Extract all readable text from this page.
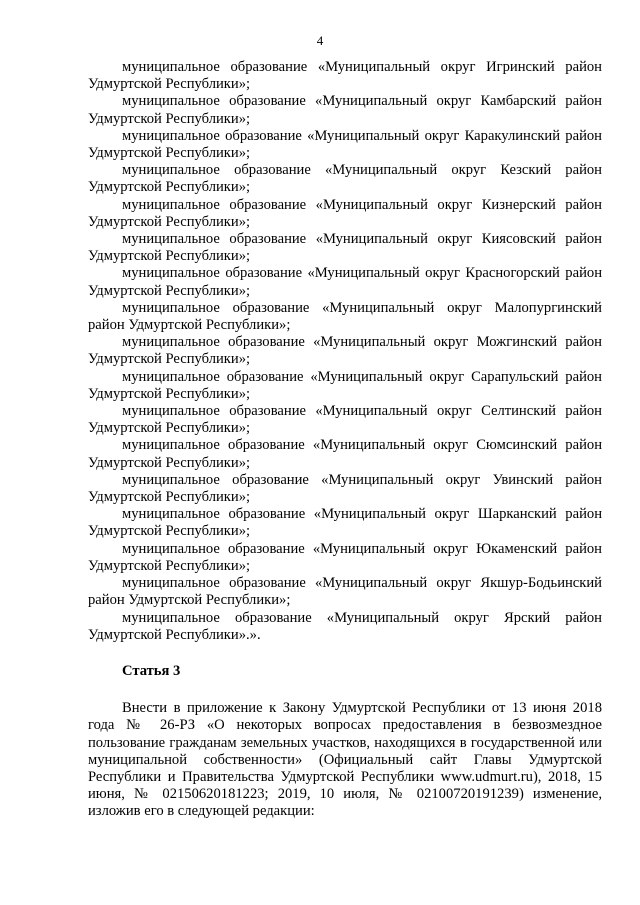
4

муниципальное образование «Муниципальный округ Игринский район Удмуртской Республики»;

муниципальное образование «Муниципальный округ Камбарский район Удмуртской Республики»;

муниципальное образование «Муниципальный округ Каракулинский район Удмуртской Республики»;

муниципальное образование «Муниципальный округ Кезский район Удмуртской Республики»;

муниципальное образование «Муниципальный округ Кизнерский район Удмуртской Республики»;

муниципальное образование «Муниципальный округ Киясовский район Удмуртской Республики»;

муниципальное образование «Муниципальный округ Красногорский район Удмуртской Республики»;

муниципальное образование «Муниципальный округ Малопургинский район Удмуртской Республики»;

муниципальное образование «Муниципальный округ Можгинский район Удмуртской Республики»;

муниципальное образование «Муниципальный округ Сарапульский район Удмуртской Республики»;

муниципальное образование «Муниципальный округ Селтинский район Удмуртской Республики»;

муниципальное образование «Муниципальный округ Сюмсинский район Удмуртской Республики»;

муниципальное образование «Муниципальный округ Увинский район Удмуртской Республики»;

муниципальное образование «Муниципальный округ Шарканский район Удмуртской Республики»;

муниципальное образование «Муниципальный округ Юкаменский район Удмуртской Республики»;

муниципальное образование «Муниципальный округ Якшур-Бодьинский район Удмуртской Республики»;

муниципальное образование «Муниципальный округ Ярский район Удмуртской Республики».».

Статья 3

Внести в приложение к Закону Удмуртской Республики от 13 июня 2018 года № 26-РЗ «О некоторых вопросах предоставления в безвозмездное пользование гражданам земельных участков, находящихся в государственной или муниципальной собственности» (Официальный сайт Главы Удмуртской Республики и Правительства Удмуртской Республики www.udmurt.ru), 2018, 15 июня, № 02150620181223; 2019, 10 июля, № 02100720191239) изменение, изложив его в следующей редакции:
